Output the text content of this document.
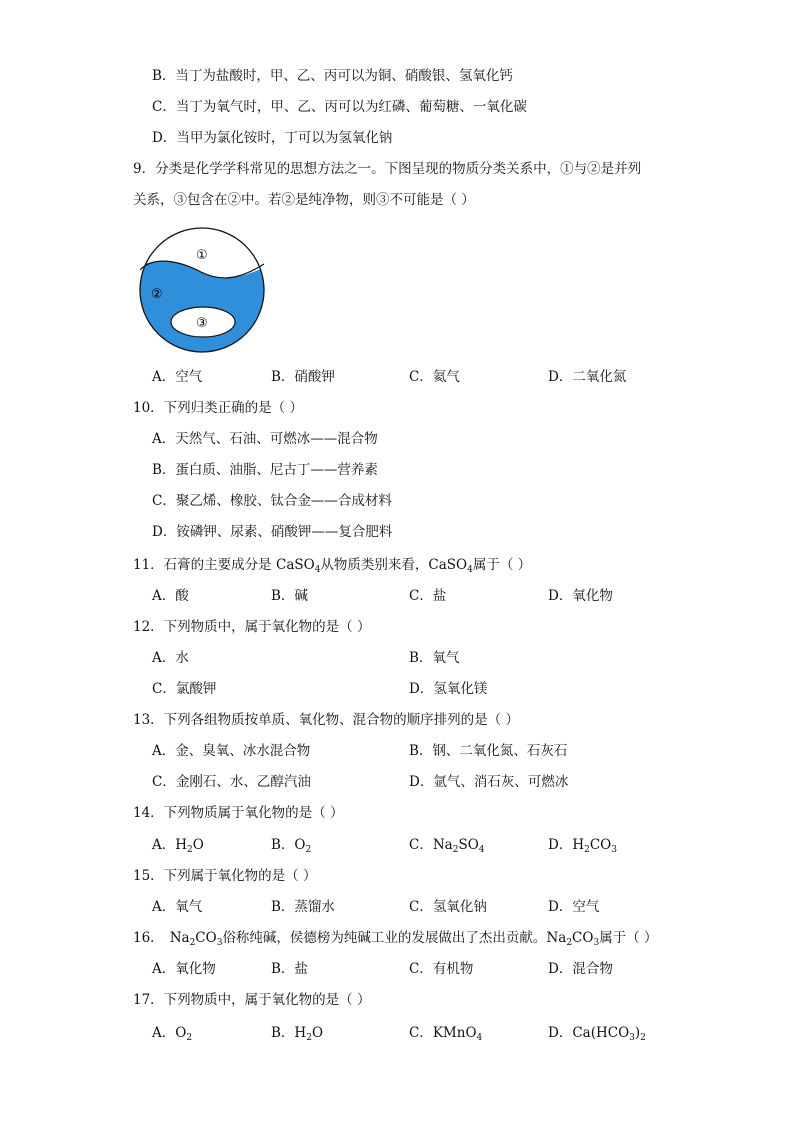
B．当丁为盐酸时，甲、乙、丙可以为铜、硝酸银、氢氧化钙
C．当丁为氧气时，甲、乙、丙可以为红磷、葡萄糖、一氧化碳
D．当甲为氯化铵时，丁可以为氢氧化钠
9．分类是化学学科常见的思想方法之一。下图呈现的物质分类关系中，①与②是并列
关系，③包含在②中。若②是纯净物，则③不可能是（ ）
①
②
③
A．空气	B．硝酸钾	C．氦气	D．二氧化氮
10．下列归类正确的是（ ）
A．天然气、石油、可燃冰——混合物
B．蛋白质、油脂、尼古丁——营养素
C．聚乙烯、橡胶、钛合金——合成材料
D．铵磷钾、尿素、硝酸钾——复合肥料
11．石膏的主要成分是 CaSO$_4$从物质类别来看，CaSO$_4$属于（ ）
A．酸	B．碱	C．盐	D．氧化物
12．下列物质中，属于氧化物的是（ ）
A．水	B．氧气
C．氯酸钾	D．氢氧化镁
13．下列各组物质按单质、氧化物、混合物的顺序排列的是（ ）
A．金、臭氧、冰水混合物	B．钢、二氧化氮、石灰石
C．金刚石、水、乙醇汽油	D．氩气、消石灰、可燃冰
14．下列物质属于氧化物的是（ ）
A．$H_2O$	B．$O_2$	C．$Na_2SO_4$	D．$H_2CO_3$
15．下列属于氧化物的是（ ）
A．氧气	B．蒸馏水	C．氢氧化钠	D．空气
16． $Na_2CO_3$俗称纯碱，侯德榜为纯碱工业的发展做出了杰出贡献。$Na_2CO_3$属于（ ）
A．氧化物	B．盐	C．有机物	D．混合物
17．下列物质中，属于氧化物的是（ ）
A．$O_2$	B．$H_2O$	C．KMnO$_4$	D．$Ca(HCO_3)_2$
